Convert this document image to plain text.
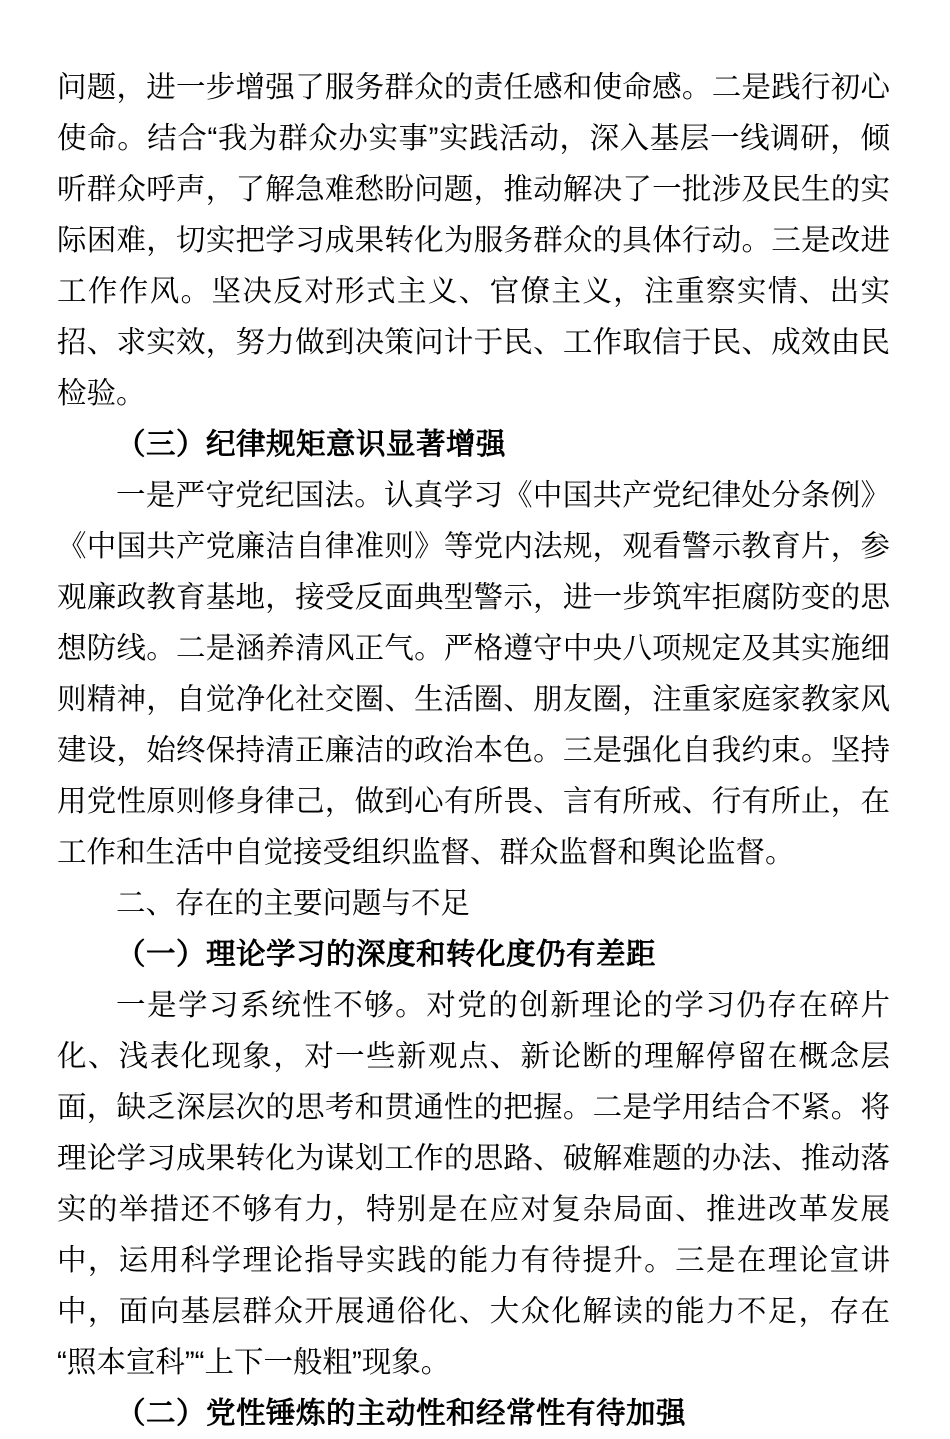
问题，进一步增强了服务群众的责任感和使命感。二是践行初心使命。结合“我为群众办实事”实践活动，深入基层一线调研，倾听群众呼声，了解急难愁盼问题，推动解决了一批涉及民生的实际困难，切实把学习成果转化为服务群众的具体行动。三是改进工作作风。坚决反对形式主义、官僚主义，注重察实情、出实招、求实效，努力做到决策问计于民、工作取信于民、成效由民检验。

（三）纪律规矩意识显著增强

一是严守党纪国法。认真学习《中国共产党纪律处分条例》《中国共产党廉洁自律准则》等党内法规，观看警示教育片，参观廉政教育基地，接受反面典型警示，进一步筑牢拒腐防变的思想防线。二是涵养清风正气。严格遵守中央八项规定及其实施细则精神，自觉净化社交圈、生活圈、朋友圈，注重家庭家教家风建设，始终保持清正廉洁的政治本色。三是强化自我约束。坚持用党性原则修身律己，做到心有所畏、言有所戒、行有所止，在工作和生活中自觉接受组织监督、群众监督和舆论监督。

二、存在的主要问题与不足
（一）理论学习的深度和转化度仍有差距

一是学习系统性不够。对党的创新理论的学习仍存在碎片化、浅表化现象，对一些新观点、新论断的理解停留在概念层面，缺乏深层次的思考和贯通性的把握。二是学用结合不紧。将理论学习成果转化为谋划工作的思路、破解难题的办法、推动落实的举措还不够有力，特别是在应对复杂局面、推进改革发展中，运用科学理论指导实践的能力有待提升。三是在理论宣讲中，面向基层群众开展通俗化、大众化解读的能力不足，存在“照本宣科”“上下一般粗”现象。

（二）党性锤炼的主动性和经常性有待加强
